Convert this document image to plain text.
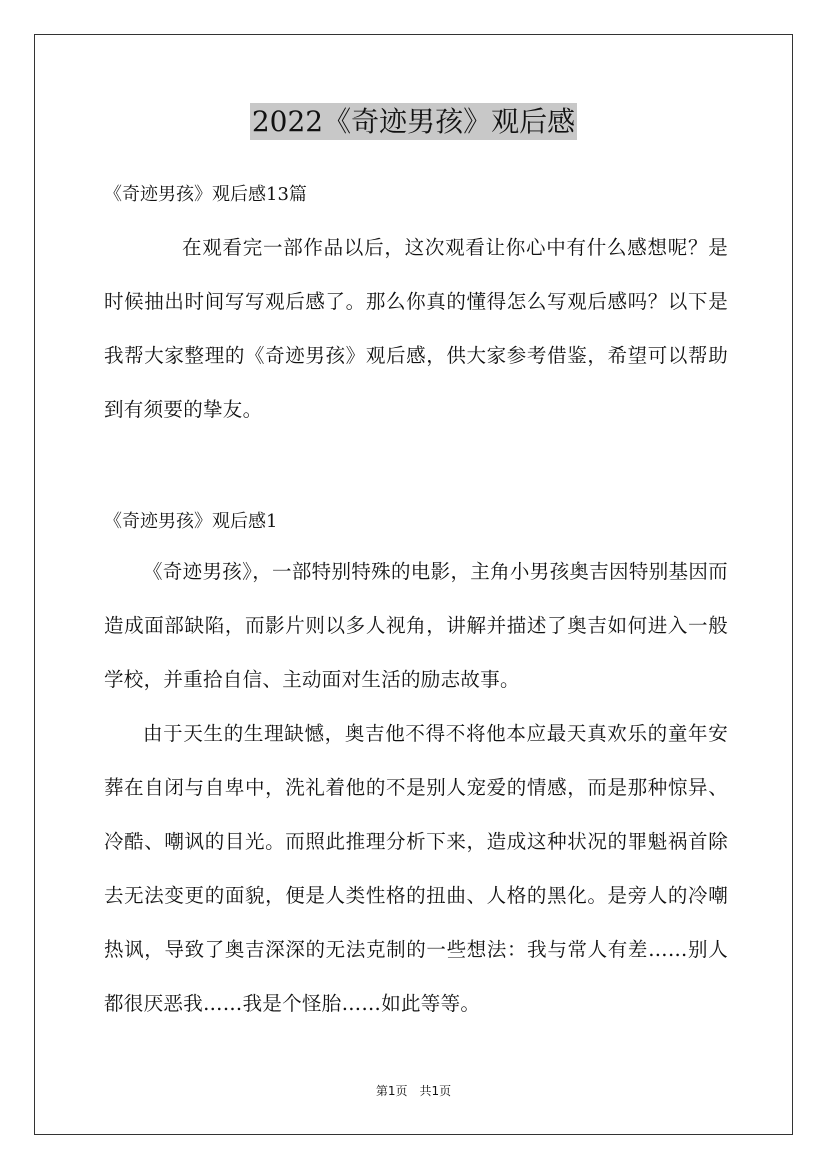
2022《奇迹男孩》观后感
《奇迹男孩》观后感13篇
在观看完一部作品以后，这次观看让你心中有什么感想呢？是时候抽出时间写写观后感了。那么你真的懂得怎么写观后感吗？以下是我帮大家整理的《奇迹男孩》观后感，供大家参考借鉴，希望可以帮助到有须要的挚友。
《奇迹男孩》观后感1
《奇迹男孩》，一部特别特殊的电影，主角小男孩奥吉因特别基因而造成面部缺陷，而影片则以多人视角，讲解并描述了奥吉如何进入一般学校，并重拾自信、主动面对生活的励志故事。
由于天生的生理缺憾，奥吉他不得不将他本应最天真欢乐的童年安葬在自闭与自卑中，洗礼着他的不是别人宠爱的情感，而是那种惊异、冷酷、嘲讽的目光。而照此推理分析下来，造成这种状况的罪魁祸首除去无法变更的面貌，便是人类性格的扭曲、人格的黑化。是旁人的冷嘲热讽，导致了奥吉深深的无法克制的一些想法：我与常人有差……别人都很厌恶我……我是个怪胎……如此等等。
第1页　共1页
